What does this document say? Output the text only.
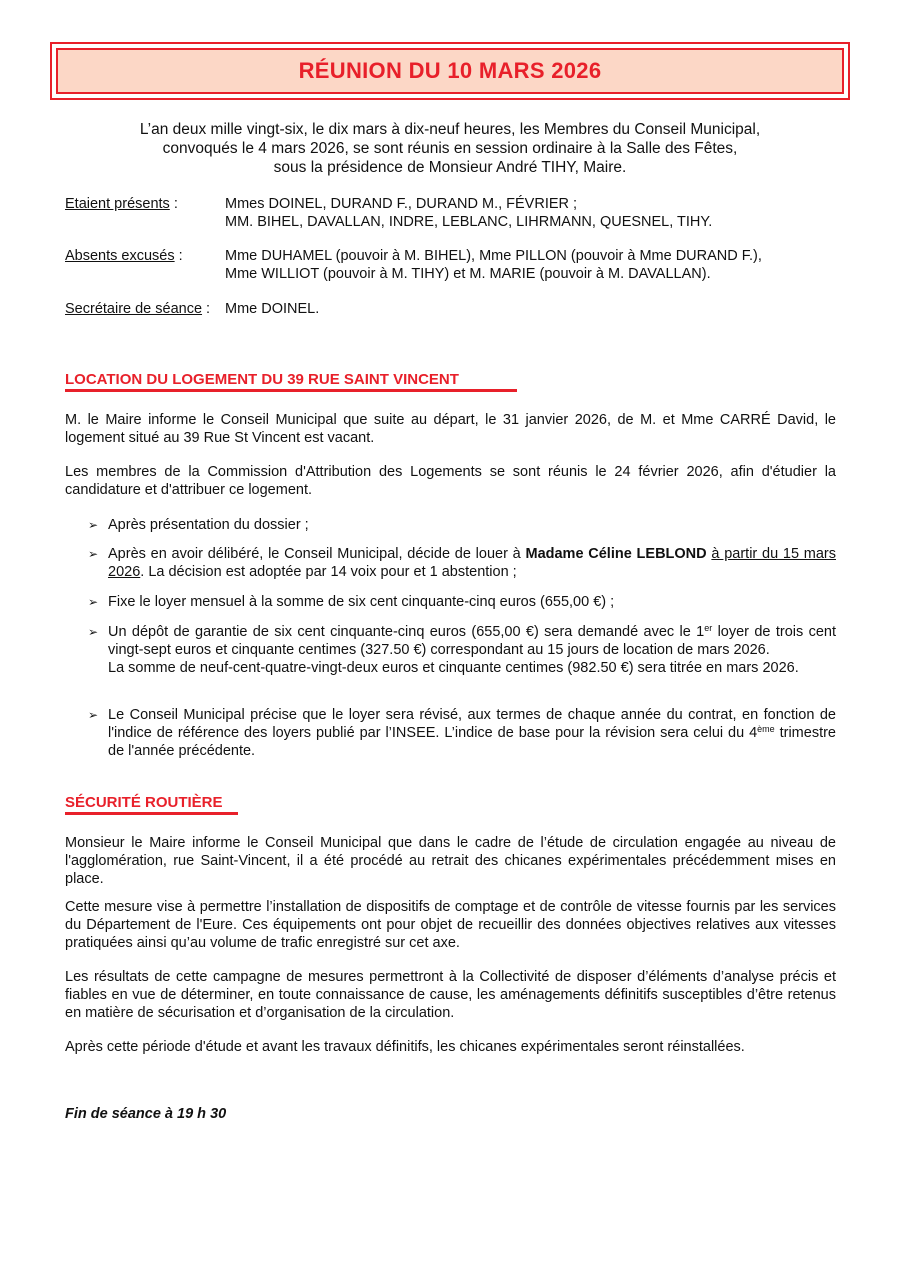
RÉUNION DU 10 MARS 2026
L’an deux mille vingt-six, le dix mars à dix-neuf heures, les Membres du Conseil Municipal,
convoqués le 4 mars 2026, se sont réunis en session ordinaire à la Salle des Fêtes,
sous la présidence de Monsieur André TIHY, Maire.
Etaient présents :	Mmes DOINEL, DURAND F., DURAND M., FÉVRIER ;
MM. BIHEL, DAVALLAN, INDRE, LEBLANC, LIHRMANN, QUESNEL, TIHY.
Absents excusés :	Mme DUHAMEL (pouvoir à M. BIHEL), Mme PILLON (pouvoir à Mme DURAND F.),
Mme WILLIOT (pouvoir à M. TIHY) et M. MARIE (pouvoir à M. DAVALLAN).
Secrétaire de séance : Mme DOINEL.
LOCATION DU LOGEMENT DU 39 RUE SAINT VINCENT
M. le Maire informe le Conseil Municipal que suite au départ, le 31 janvier 2026, de M. et Mme CARRÉ David, le logement situé au 39 Rue St Vincent est vacant.
Les membres de la Commission d'Attribution des Logements se sont réunis le 24 février 2026, afin d'étudier la candidature et d'attribuer ce logement.
➢ Après présentation du dossier ;
➢ Après en avoir délibéré, le Conseil Municipal, décide de louer à Madame Céline LEBLOND à partir du 15 mars 2026. La décision est adoptée par 14 voix pour et 1 abstention ;
➢ Fixe le loyer mensuel à la somme de six cent cinquante-cinq euros (655,00 €) ;
➢ Un dépôt de garantie de six cent cinquante-cinq euros (655,00 €) sera demandé avec le 1er loyer de trois cent vingt-sept euros et cinquante centimes (327.50 €) correspondant au 15 jours de location de mars 2026.
La somme de neuf-cent-quatre-vingt-deux euros et cinquante centimes (982.50 €) sera titrée en mars 2026.
➢ Le Conseil Municipal précise que le loyer sera révisé, aux termes de chaque année du contrat, en fonction de l'indice de référence des loyers publié par l’INSEE. L’indice de base pour la révision sera celui du 4ème trimestre de l'année précédente.
SÉCURITÉ ROUTIÈRE
Monsieur le Maire informe le Conseil Municipal que dans le cadre de l’étude de circulation engagée au niveau de l'agglomération, rue Saint-Vincent, il a été procédé au retrait des chicanes expérimentales précédemment mises en place.
Cette mesure vise à permettre l’installation de dispositifs de comptage et de contrôle de vitesse fournis par les services du Département de l'Eure. Ces équipements ont pour objet de recueillir des données objectives relatives aux vitesses pratiquées ainsi qu’au volume de trafic enregistré sur cet axe.
Les résultats de cette campagne de mesures permettront à la Collectivité de disposer d’éléments d’analyse précis et fiables en vue de déterminer, en toute connaissance de cause, les aménagements définitifs susceptibles d’être retenus en matière de sécurisation et d’organisation de la circulation.
Après cette période d'étude et avant les travaux définitifs, les chicanes expérimentales seront réinstallées.
Fin de séance à 19 h 30
